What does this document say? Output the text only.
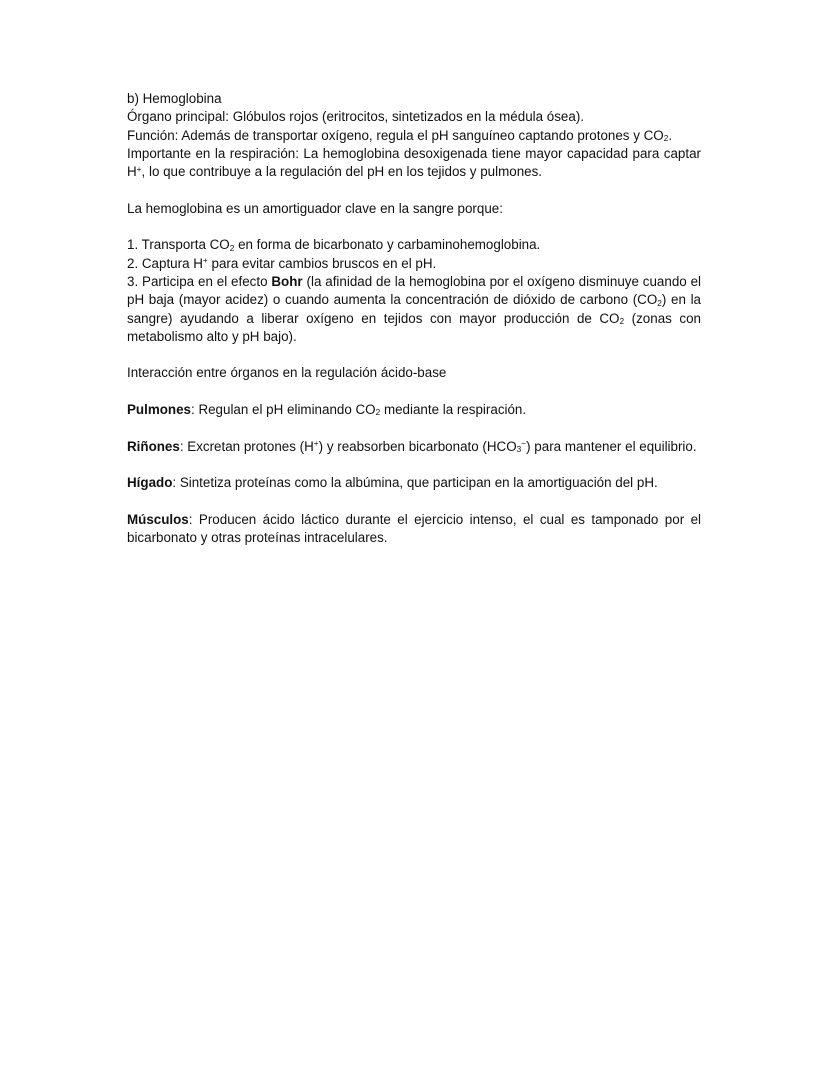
b) Hemoglobina

Órgano principal: Glóbulos rojos (eritrocitos, sintetizados en la médula ósea).

Función: Además de transportar oxígeno, regula el pH sanguíneo captando protones y $CO_2$.

Importante en la respiración: La hemoglobina desoxigenada tiene mayor capacidad para captar H+, lo que contribuye a la regulación del pH en los tejidos y pulmones.

La hemoglobina es un amortiguador clave en la sangre porque:

1. Transporta $CO_2$ en forma de bicarbonato y carbaminohemoglobina.

2. Captura H+ para evitar cambios bruscos en el pH.

3. Participa en el efecto Bohr (la afinidad de la hemoglobina por el oxígeno disminuye cuando el pH baja (mayor acidez) o cuando aumenta la concentración de dióxido de carbono $(CO_2)$ en la sangre) ayudando a liberar oxígeno en tejidos con mayor producción de $CO_2$ (zonas con metabolismo alto y pH bajo).

Interacción entre órganos en la regulación ácido-base

Pulmones: Regulan el pH eliminando $CO_2$ mediante la respiración.

Riñones: Excretan protones (H+) y reabsorben bicarbonato $(HCO_3^-)$ para mantener el equilibrio.

Hígado: Sintetiza proteínas como la albúmina, que participan en la amortiguación del pH.

Músculos: Producen ácido láctico durante el ejercicio intenso, el cual es tamponado por el bicarbonato y otras proteínas intracelulares.
